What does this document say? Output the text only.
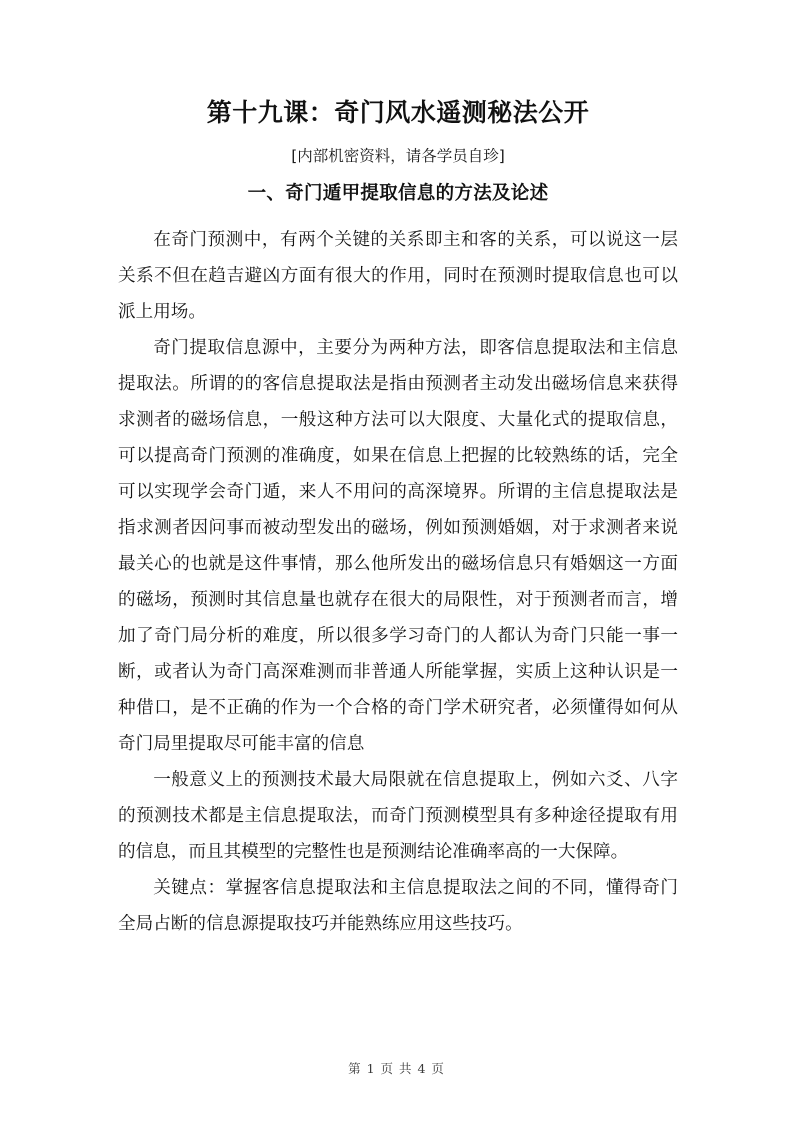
第十九课：奇门风水遥测秘法公开
[内部机密资料，请各学员自珍]
一、奇门遁甲提取信息的方法及论述

在奇门预测中，有两个关键的关系即主和客的关系，可以说这一层关系不但在趋吉避凶方面有很大的作用，同时在预测时提取信息也可以派上用场。

奇门提取信息源中，主要分为两种方法，即客信息提取法和主信息提取法。所谓的的客信息提取法是指由预测者主动发出磁场信息来获得求测者的磁场信息，一般这种方法可以大限度、大量化式的提取信息，可以提高奇门预测的准确度，如果在信息上把握的比较熟练的话，完全可以实现学会奇门遁，来人不用问的高深境界。所谓的主信息提取法是指求测者因问事而被动型发出的磁场，例如预测婚姻，对于求测者来说最关心的也就是这件事情，那么他所发出的磁场信息只有婚姻这一方面的磁场，预测时其信息量也就存在很大的局限性，对于预测者而言，增加了奇门局分析的难度，所以很多学习奇门的人都认为奇门只能一事一断，或者认为奇门高深难测而非普通人所能掌握，实质上这种认识是一种借口，是不正确的作为一个合格的奇门学术研究者，必须懂得如何从奇门局里提取尽可能丰富的信息

一般意义上的预测技术最大局限就在信息提取上，例如六爻、八字的预测技术都是主信息提取法，而奇门预测模型具有多种途径提取有用的信息，而且其模型的完整性也是预测结论准确率高的一大保障。

关键点：掌握客信息提取法和主信息提取法之间的不同，懂得奇门全局占断的信息源提取技巧并能熟练应用这些技巧。

第 1 页 共 4 页
